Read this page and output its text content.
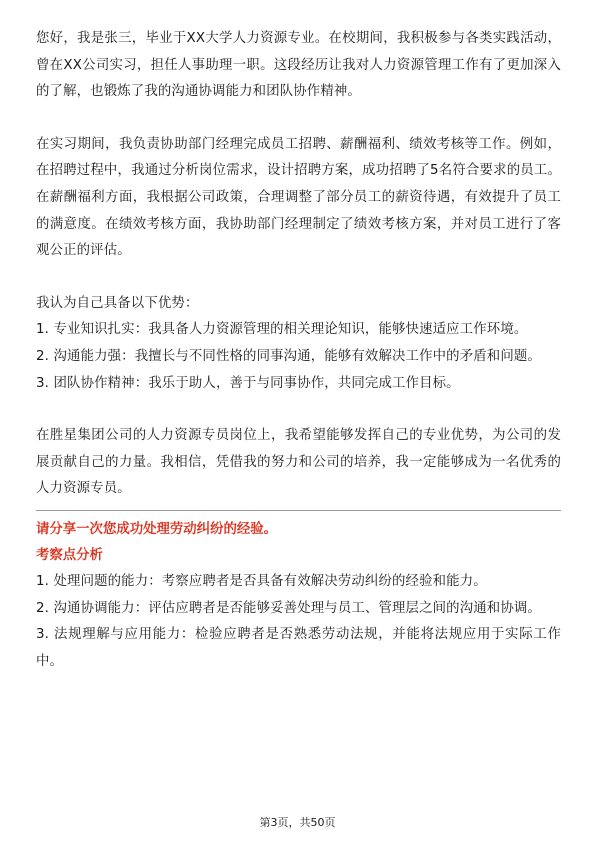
您好，我是张三，毕业于XX大学人力资源专业。在校期间，我积极参与各类实践活动，曾在XX公司实习，担任人事助理一职。这段经历让我对人力资源管理工作有了更加深入的了解，也锻炼了我的沟通协调能力和团队协作精神。

在实习期间，我负责协助部门经理完成员工招聘、薪酬福利、绩效考核等工作。例如，在招聘过程中，我通过分析岗位需求，设计招聘方案，成功招聘了5名符合要求的员工。在薪酬福利方面，我根据公司政策，合理调整了部分员工的薪资待遇，有效提升了员工的满意度。在绩效考核方面，我协助部门经理制定了绩效考核方案，并对员工进行了客观公正的评估。

我认为自己具备以下优势：

1. 专业知识扎实：我具备人力资源管理的相关理论知识，能够快速适应工作环境。

2. 沟通能力强：我擅长与不同性格的同事沟通，能够有效解决工作中的矛盾和问题。

3. 团队协作精神：我乐于助人，善于与同事协作，共同完成工作目标。

在胜星集团公司的人力资源专员岗位上，我希望能够发挥自己的专业优势，为公司的发展贡献自己的力量。我相信，凭借我的努力和公司的培养，我一定能够成为一名优秀的人力资源专员。

请分享一次您成功处理劳动纠纷的经验。

考察点分析

1. 处理问题的能力：考察应聘者是否具备有效解决劳动纠纷的经验和能力。

2. 沟通协调能力：评估应聘者是否能够妥善处理与员工、管理层之间的沟通和协调。

3. 法规理解与应用能力：检验应聘者是否熟悉劳动法规，并能将法规应用于实际工作中。

第3页，共50页
